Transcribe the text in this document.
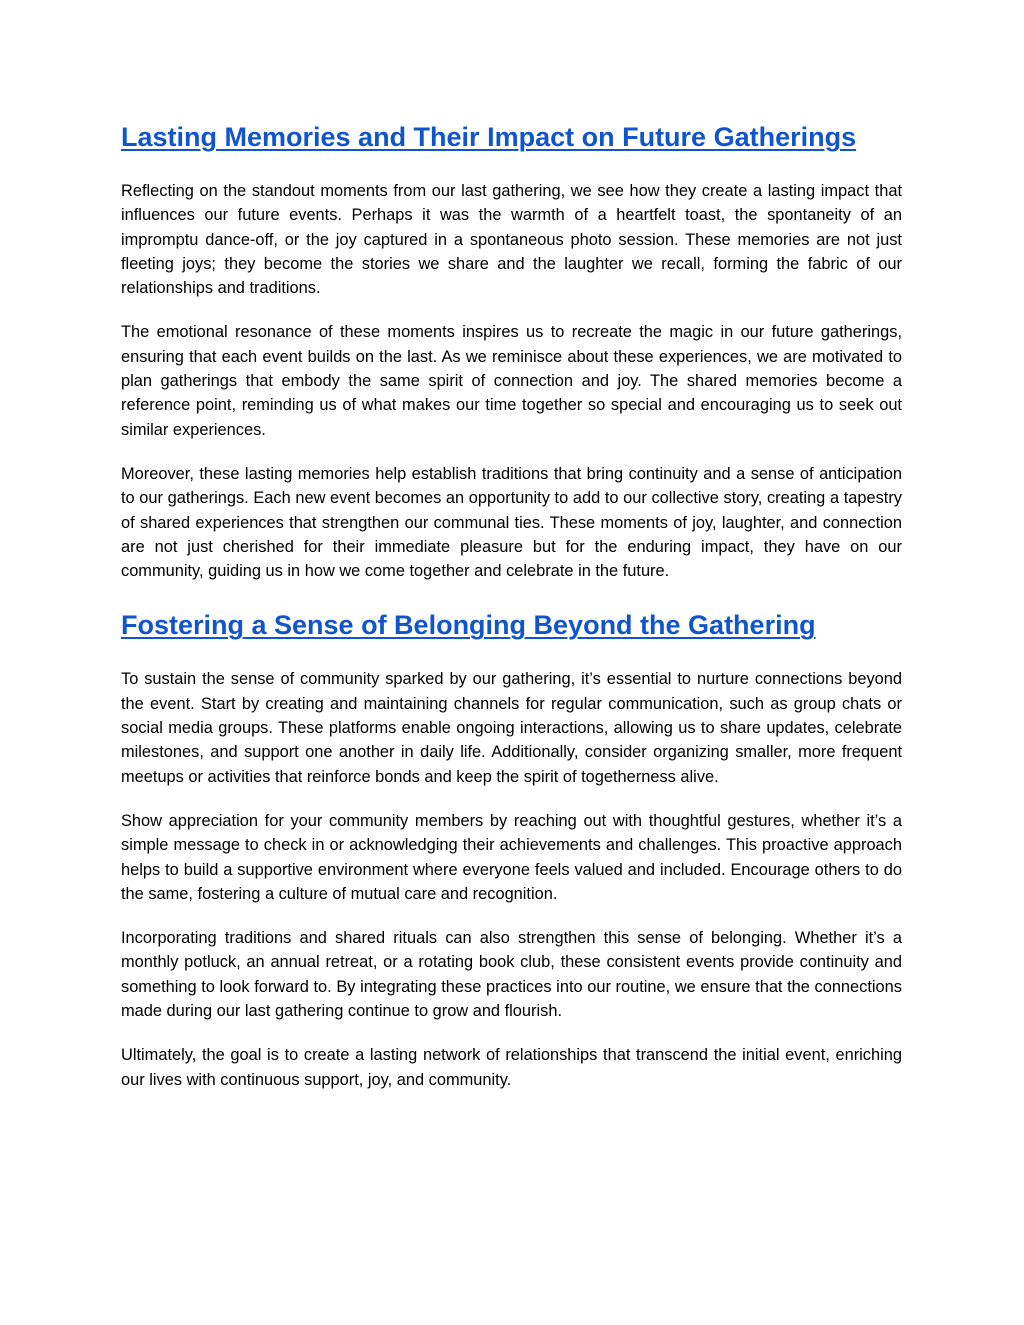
Lasting Memories and Their Impact on Future Gatherings

Reflecting on the standout moments from our last gathering, we see how they create a lasting impact that influences our future events. Perhaps it was the warmth of a heartfelt toast, the spontaneity of an impromptu dance-off, or the joy captured in a spontaneous photo session. These memories are not just fleeting joys; they become the stories we share and the laughter we recall, forming the fabric of our relationships and traditions.

The emotional resonance of these moments inspires us to recreate the magic in our future gatherings, ensuring that each event builds on the last. As we reminisce about these experiences, we are motivated to plan gatherings that embody the same spirit of connection and joy. The shared memories become a reference point, reminding us of what makes our time together so special and encouraging us to seek out similar experiences.

Moreover, these lasting memories help establish traditions that bring continuity and a sense of anticipation to our gatherings. Each new event becomes an opportunity to add to our collective story, creating a tapestry of shared experiences that strengthen our communal ties. These moments of joy, laughter, and connection are not just cherished for their immediate pleasure but for the enduring impact, they have on our community, guiding us in how we come together and celebrate in the future.

Fostering a Sense of Belonging Beyond the Gathering

To sustain the sense of community sparked by our gathering, it’s essential to nurture connections beyond the event. Start by creating and maintaining channels for regular communication, such as group chats or social media groups. These platforms enable ongoing interactions, allowing us to share updates, celebrate milestones, and support one another in daily life. Additionally, consider organizing smaller, more frequent meetups or activities that reinforce bonds and keep the spirit of togetherness alive.

Show appreciation for your community members by reaching out with thoughtful gestures, whether it’s a simple message to check in or acknowledging their achievements and challenges. This proactive approach helps to build a supportive environment where everyone feels valued and included. Encourage others to do the same, fostering a culture of mutual care and recognition.

Incorporating traditions and shared rituals can also strengthen this sense of belonging. Whether it’s a monthly potluck, an annual retreat, or a rotating book club, these consistent events provide continuity and something to look forward to. By integrating these practices into our routine, we ensure that the connections made during our last gathering continue to grow and flourish.

Ultimately, the goal is to create a lasting network of relationships that transcend the initial event, enriching our lives with continuous support, joy, and community.
